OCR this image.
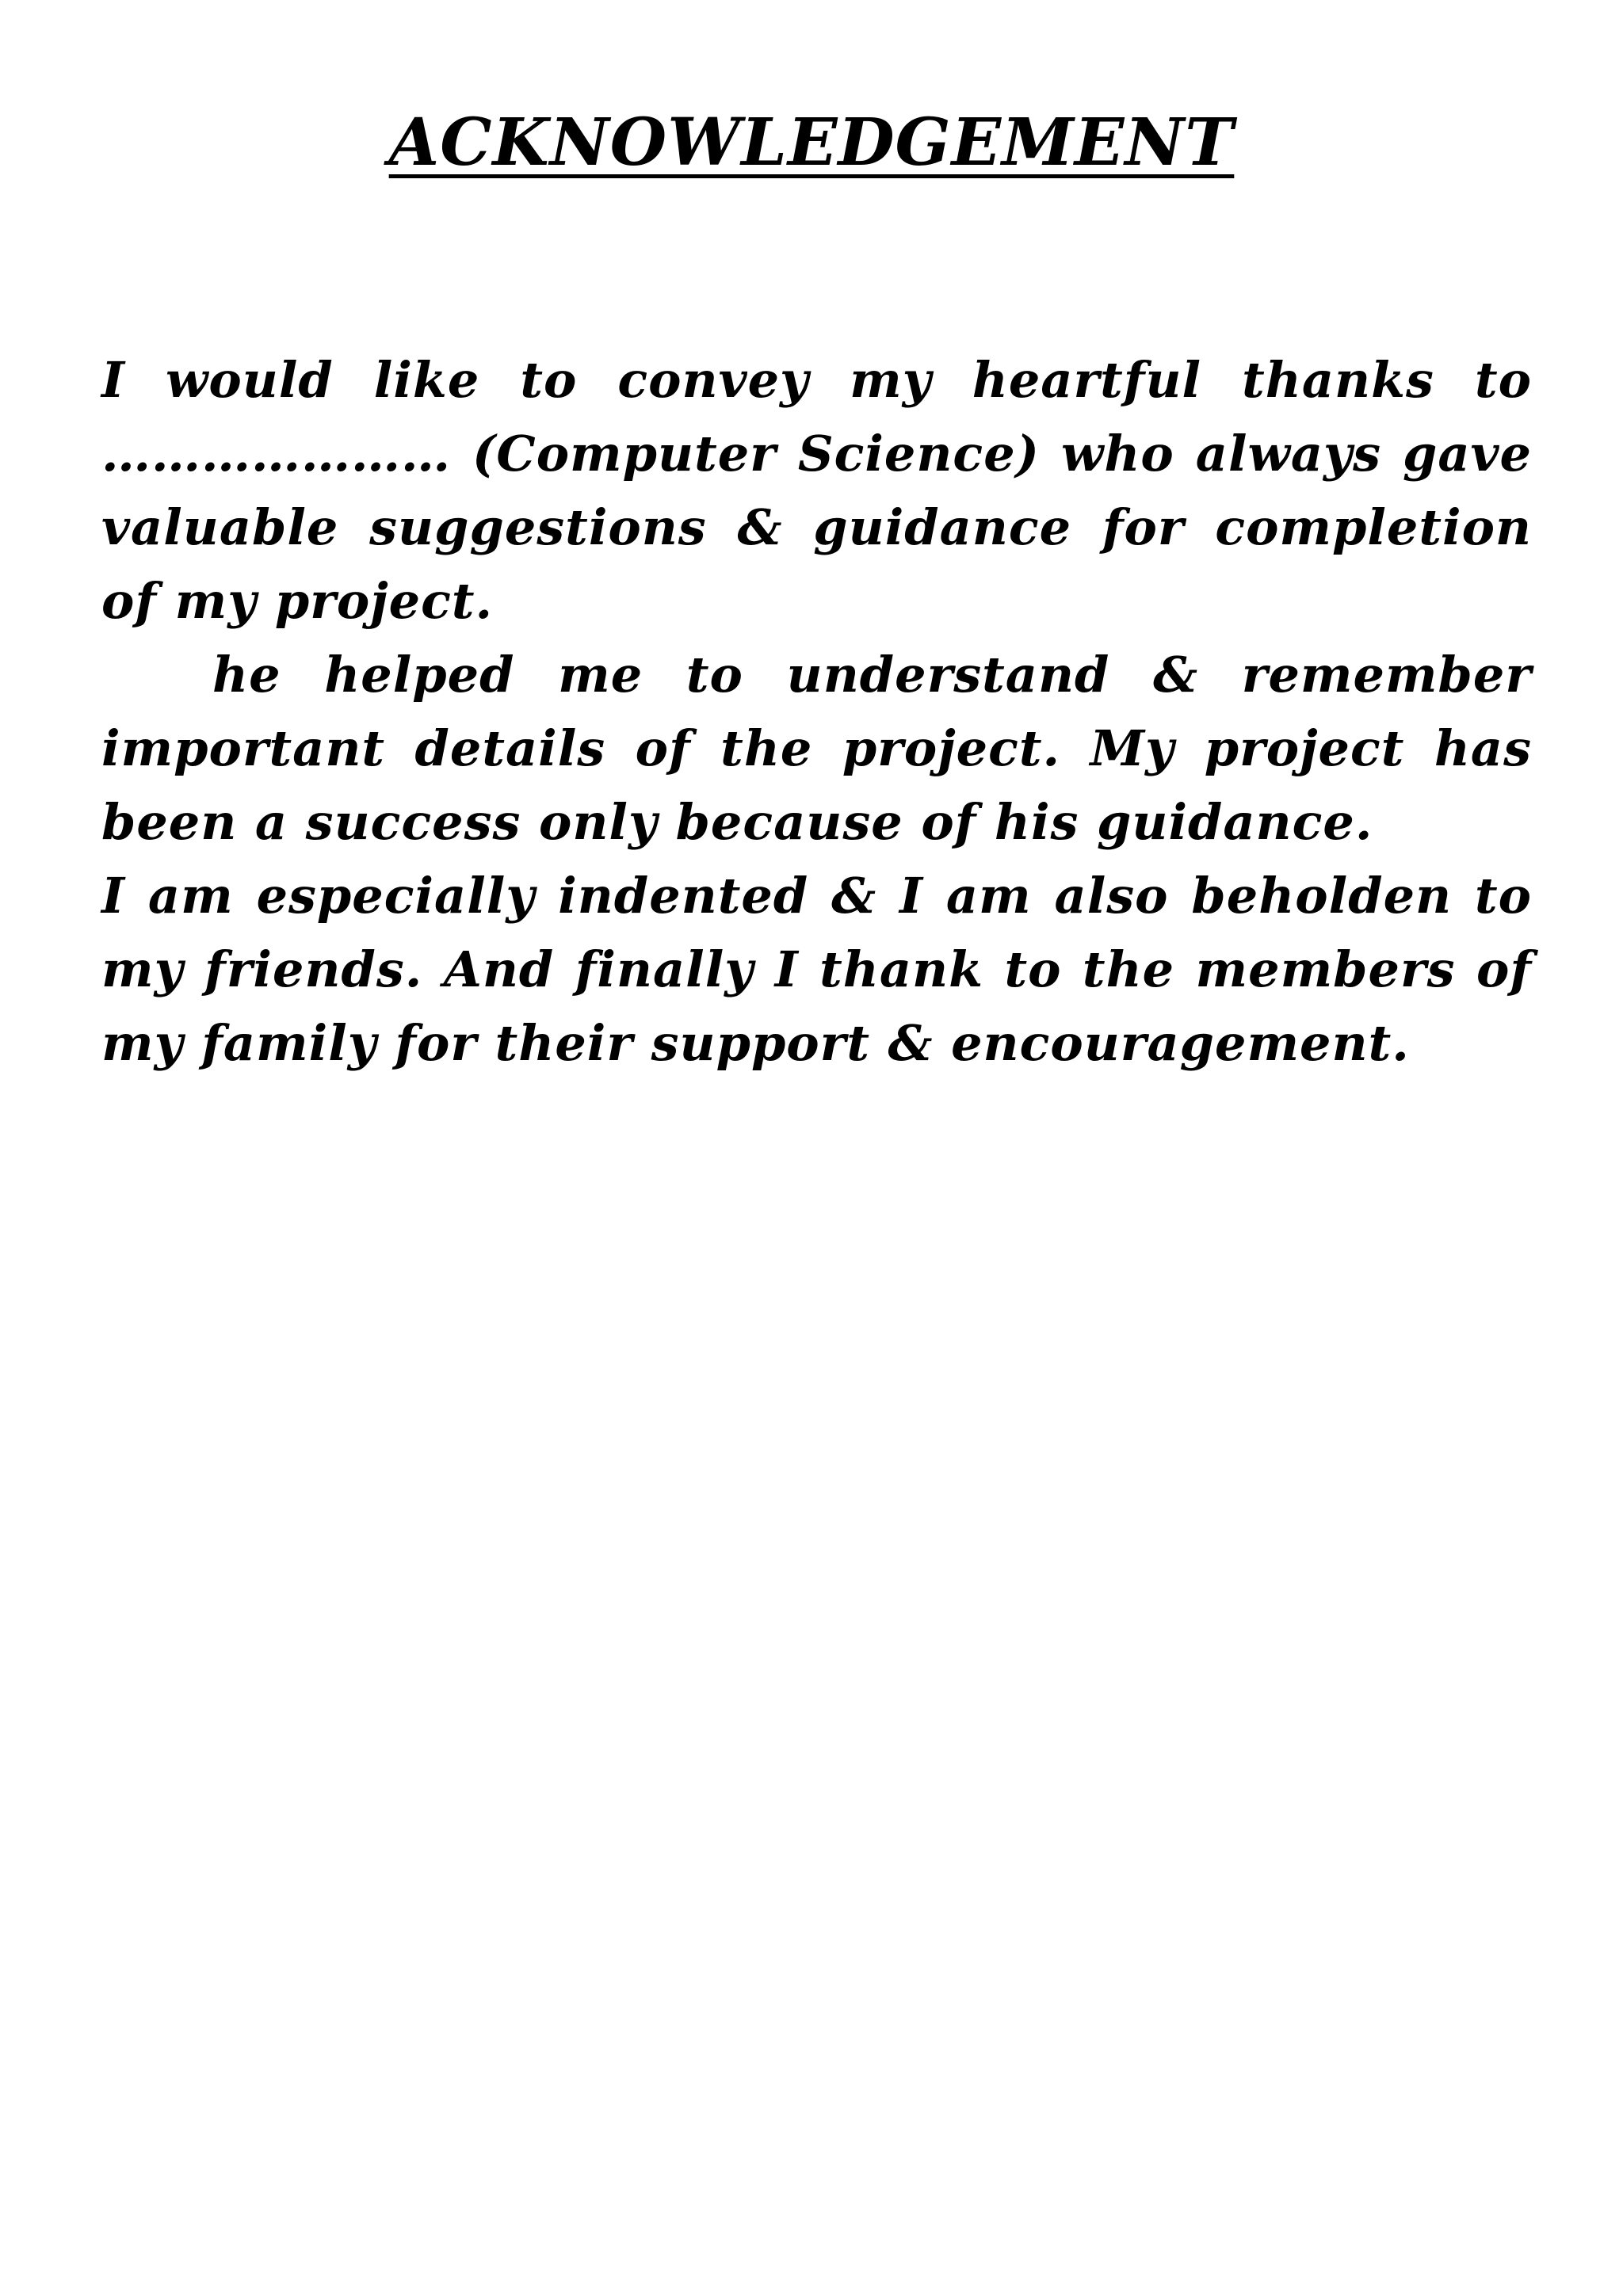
ACKNOWLEDGEMENT

I would like to convey my heartful thanks to ………………… (Computer Science) who always gave valuable suggestions & guidance for completion of my project.

he helped me to understand & remember important details of the project. My project has been a success only because of his guidance.

I am especially indented & I am also beholden to my friends. And finally I thank to the members of my family for their support & encouragement.
